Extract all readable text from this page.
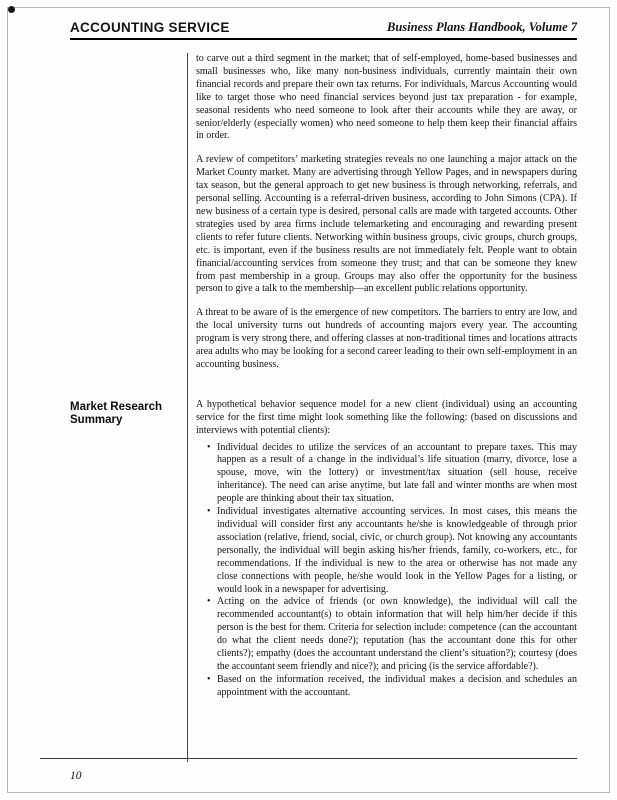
ACCOUNTING SERVICE	Business Plans Handbook, Volume 7

to carve out a third segment in the market; that of self-employed, home-based businesses and small businesses who, like many non-business individuals, currently maintain their own financial records and prepare their own tax returns. For individuals, Marcus Accounting would like to target those who need financial services beyond just tax preparation - for example, seasonal residents who need someone to look after their accounts while they are away, or senior/elderly (especially women) who need someone to help them keep their financial affairs in order.

A review of competitors’ marketing strategies reveals no one launching a major attack on the Market County market. Many are advertising through Yellow Pages, and in newspapers during tax season, but the general approach to get new business is through networking, referrals, and personal selling. Accounting is a referral-driven business, according to John Simons (CPA). If new business of a certain type is desired, personal calls are made with targeted accounts. Other strategies used by area firms include telemarketing and encouraging and rewarding present clients to refer future clients. Networking within business groups, civic groups, church groups, etc. is important, even if the business results are not immediately felt. People want to obtain financial/accounting services from someone they trust; and that can be someone they knew from past membership in a group. Groups may also offer the opportunity for the business person to give a talk to the membership—an excellent public relations opportunity.

A threat to be aware of is the emergence of new competitors. The barriers to entry are low, and the local university turns out hundreds of accounting majors every year. The accounting program is very strong there, and offering classes at non-traditional times and locations attracts area adults who may be looking for a second career leading to their own self-employment in an accounting business.

Market Research Summary

A hypothetical behavior sequence model for a new client (individual) using an accounting service for the first time might look something like the following: (based on discussions and interviews with potential clients):

• Individual decides to utilize the services of an accountant to prepare taxes. This may happen as a result of a change in the individual’s life situation (marry, divorce, lose a spouse, move, win the lottery) or investment/tax situation (sell house, receive inheritance). The need can arise anytime, but late fall and winter months are when most people are thinking about their tax situation.
• Individual investigates alternative accounting services. In most cases, this means the individual will consider first any accountants he/she is knowledgeable of through prior association (relative, friend, social, civic, or church group). Not knowing any accountants personally, the individual will begin asking his/her friends, family, co-workers, etc., for recommendations. If the individual is new to the area or otherwise has not made any close connections with people, he/she would look in the Yellow Pages for a listing, or would look in a newspaper for advertising.
• Acting on the advice of friends (or own knowledge), the individual will call the recommended accountant(s) to obtain information that will help him/her decide if this person is the best for them. Criteria for selection include: competence (can the accountant do what the client needs done?); reputation (has the accountant done this for other clients?); empathy (does the accountant understand the client’s situation?); courtesy (does the accountant seem friendly and nice?); and pricing (is the service affordable?).
• Based on the information received, the individual makes a decision and schedules an appointment with the accountant.
10
